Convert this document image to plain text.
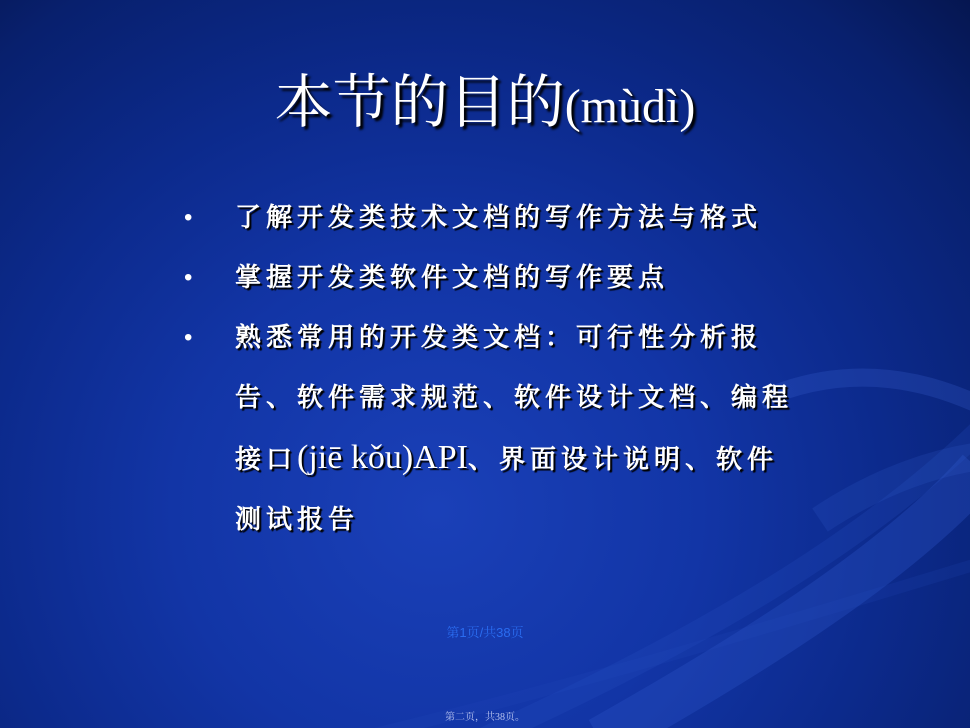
本节的目的(mùdì)
• 了解开发类技术文档的写作方法与格式
• 掌握开发类软件文档的写作要点
• 熟悉常用的开发类文档：可行性分析报告、软件需求规范、软件设计文档、编程接口(jiē kǒu)API、界面设计说明、软件测试报告
第1页/共38页
第二页，共38页。
